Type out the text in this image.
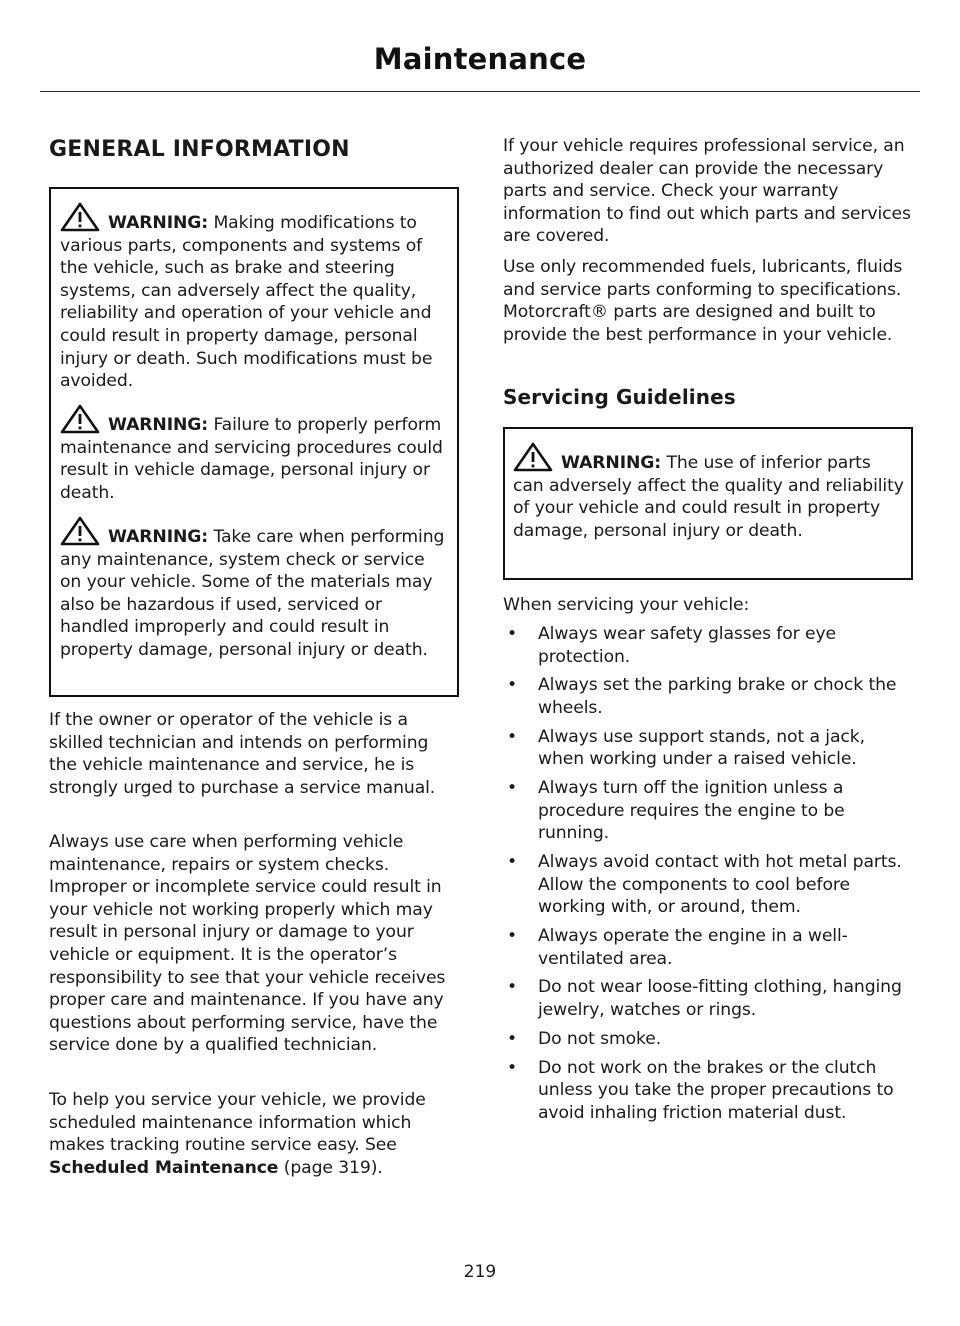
Maintenance
GENERAL INFORMATION

WARNING: Making modifications to various parts, components and systems of the vehicle, such as brake and steering systems, can adversely affect the quality, reliability and operation of your vehicle and could result in property damage, personal injury or death. Such modifications must be avoided.

WARNING: Failure to properly perform maintenance and servicing procedures could result in vehicle damage, personal injury or death.

WARNING: Take care when performing any maintenance, system check or service on your vehicle. Some of the materials may also be hazardous if used, serviced or handled improperly and could result in property damage, personal injury or death.

If the owner or operator of the vehicle is a skilled technician and intends on performing the vehicle maintenance and service, he is strongly urged to purchase a service manual.

Always use care when performing vehicle maintenance, repairs or system checks. Improper or incomplete service could result in your vehicle not working properly which may result in personal injury or damage to your vehicle or equipment. It is the operator’s responsibility to see that your vehicle receives proper care and maintenance. If you have any questions about performing service, have the service done by a qualified technician.

To help you service your vehicle, we provide scheduled maintenance information which makes tracking routine service easy. See Scheduled Maintenance (page 319).

If your vehicle requires professional service, an authorized dealer can provide the necessary parts and service. Check your warranty information to find out which parts and services are covered.

Use only recommended fuels, lubricants, fluids and service parts conforming to specifications. Motorcraft® parts are designed and built to provide the best performance in your vehicle.

Servicing Guidelines

WARNING: The use of inferior parts can adversely affect the quality and reliability of your vehicle and could result in property damage, personal injury or death.

When servicing your vehicle:

• Always wear safety glasses for eye protection.
• Always set the parking brake or chock the wheels.
• Always use support stands, not a jack, when working under a raised vehicle.
• Always turn off the ignition unless a procedure requires the engine to be running.
• Always avoid contact with hot metal parts. Allow the components to cool before working with, or around, them.
• Always operate the engine in a well-ventilated area.
• Do not wear loose-fitting clothing, hanging jewelry, watches or rings.
• Do not smoke.
• Do not work on the brakes or the clutch unless you take the proper precautions to avoid inhaling friction material dust.
219
